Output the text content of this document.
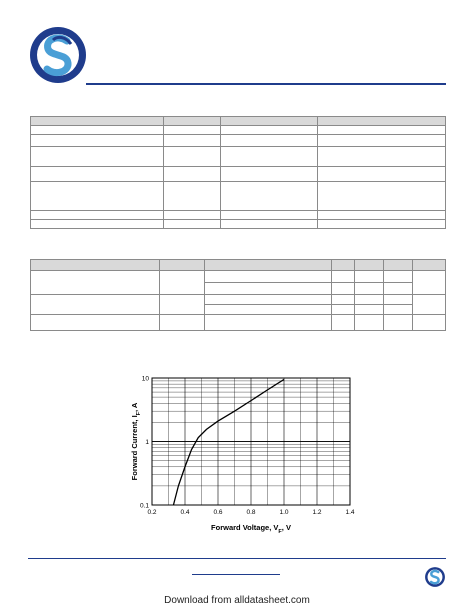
0.2	0.4	0.6	0.8	1.0	1.2	1.4
0.1
1
10
Forward Voltage, $V_F$, V
Forward Current, $I_F$, A
Download from alldatasheet.com
